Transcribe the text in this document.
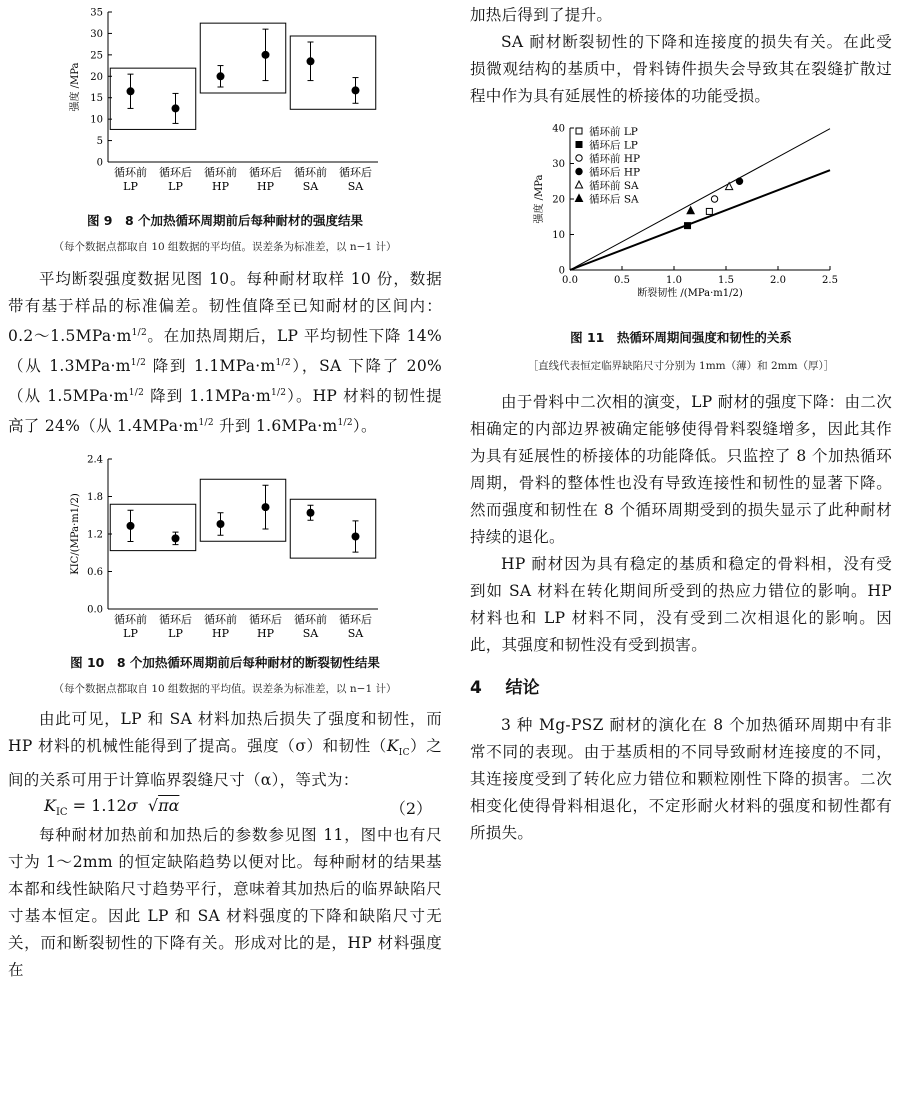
0
5
10
15
20
25
30
35
强度 /MPa
循环前
LP
循环后
LP
循环前
HP
循环后
HP
循环前
SA
循环后
SA

图 9　8 个加热循环周期前后每种耐材的强度结果

（每个数据点都取自 10 组数据的平均值。误差条为标准差，以 n−1 计）

平均断裂强度数据见图 10。每种耐材取样 10 份，数据带有基于样品的标准偏差。韧性值降至已知耐材的区间内：$0.2\sim 1.5MPa\cdot m^{1/2}$。在加热周期后，LP 平均韧性下降 14%（从 $1.3MPa\cdot m^{1/2}$ 降到 $1.1MPa\cdot m^{1/2}$），SA 下降了 20%（从 $1.5MPa\cdot m^{1/2}$ 降到 $1.1MPa\cdot m^{1/2}$）。HP 材料的韧性提高了 24%（从 $1.4MPa\cdot m^{1/2}$ 升到 $1.6MPa\cdot m^{1/2}$）。

0.0
0.6
1.2
1.8
2.4
KIC/(MPa·m1/2)
循环前
LP
循环后
LP
循环前
HP
循环后
HP
循环前
SA
循环后
SA

图 10　8 个加热循环周期前后每种耐材的断裂韧性结果

（每个数据点都取自 10 组数据的平均值。误差条为标准差，以 n−1 计）

由此可见，LP 和 SA 材料加热后损失了强度和韧性，而 HP 材料的机械性能得到了提高。强度（σ）和韧性$(K_{IC})$之间的关系可用于计算临界裂缝尺寸（α），等式为：

$K_{IC} = 1.12\sigma$  √πα	（2）

每种耐材加热前和加热后的参数参见图 11，图中也有尺寸为 1～2mm 的恒定缺陷趋势以便对比。每种耐材的结果基本都和线性缺陷尺寸趋势平行，意味着其加热后的临界缺陷尺寸基本恒定。因此 LP 和 SA 材料强度的下降和缺陷尺寸无关，而和断裂韧性的下降有关。形成对比的是，HP 材料强度在

加热后得到了提升。

SA 耐材断裂韧性的下降和连接度的损失有关。在此受损微观结构的基质中，骨料铸件损失会导致其在裂缝扩散过程中作为具有延展性的桥接体的功能受损。

0
10
20
30
40
0.0	0.5	1.0	1.5	2.0	2.5
断裂韧性 /(MPa·m1/2)
强度 /MPa
循环前 LP
循环后 LP
循环前 HP
循环后 HP
循环前 SA
循环后 SA

图 11　热循环周期间强度和韧性的关系

［直线代表恒定临界缺陷尺寸分别为 1mm（薄）和 2mm（厚）］

由于骨料中二次相的演变，LP 耐材的强度下降：由二次相确定的内部边界被确定能够使得骨料裂缝增多，因此其作为具有延展性的桥接体的功能降低。只监控了 8 个加热循环周期，骨料的整体性也没有导致连接性和韧性的显著下降。然而强度和韧性在 8 个循环周期受到的损失显示了此种耐材持续的退化。

HP 耐材因为具有稳定的基质和稳定的骨料相，没有受到如 SA 材料在转化期间所受到的热应力错位的影响。HP 材料也和 LP 材料不同，没有受到二次相退化的影响。因此，其强度和韧性没有受到损害。

4 结论

3 种 Mg-PSZ 耐材的演化在 8 个加热循环周期中有非常不同的表现。由于基质相的不同导致耐材连接度的不同，其连接度受到了转化应力错位和颗粒刚性下降的损害。二次相变化使得骨料相退化，不定形耐火材料的强度和韧性都有所损失。
